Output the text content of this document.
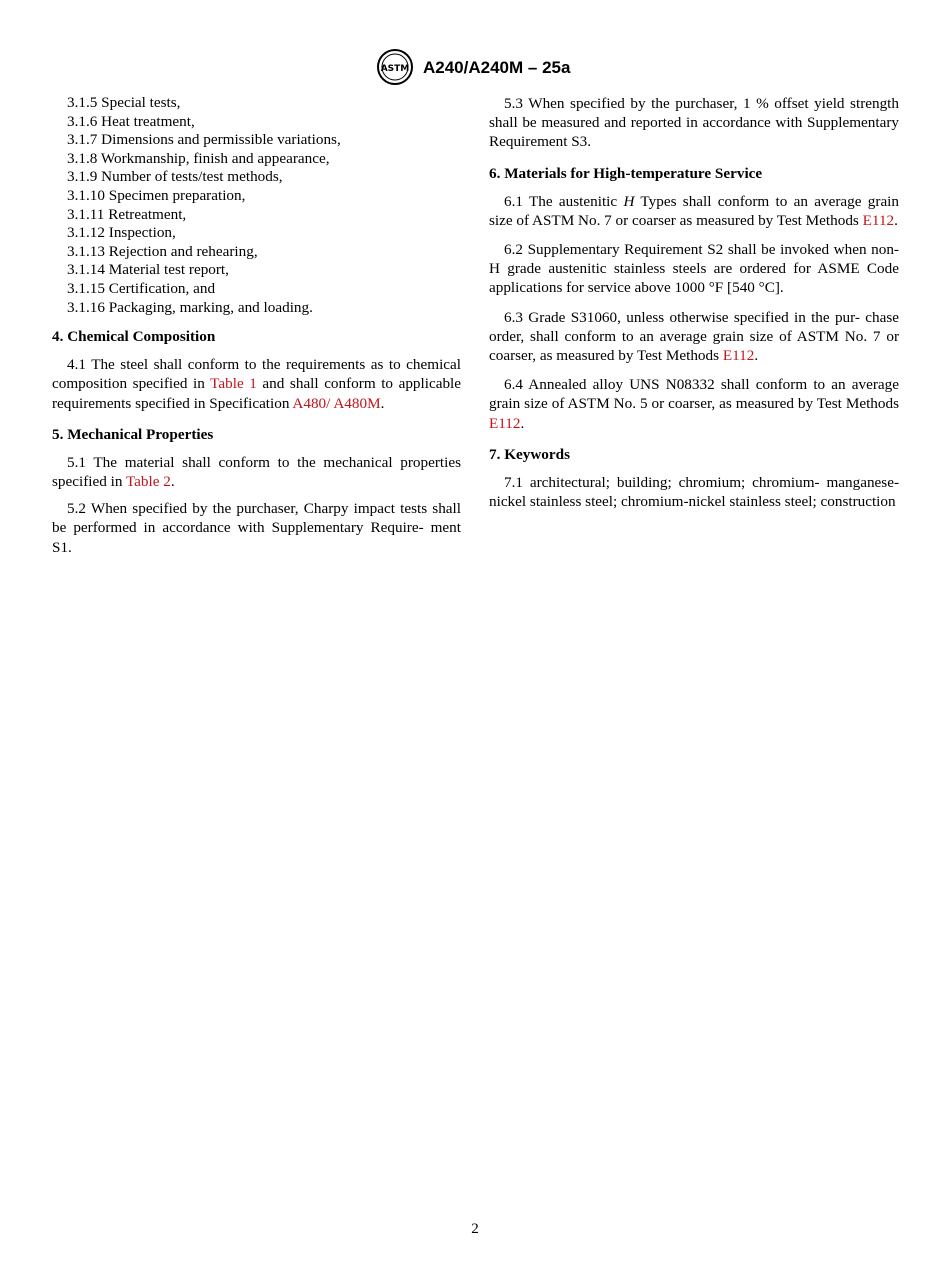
ASTM A240/A240M – 25a
3.1.5 Special tests,
3.1.6 Heat treatment,
3.1.7 Dimensions and permissible variations,
3.1.8 Workmanship, finish and appearance,
3.1.9 Number of tests/test methods,
3.1.10 Specimen preparation,
3.1.11 Retreatment,
3.1.12 Inspection,
3.1.13 Rejection and rehearing,
3.1.14 Material test report,
3.1.15 Certification, and
3.1.16 Packaging, marking, and loading.
4. Chemical Composition

4.1 The steel shall conform to the requirements as to chemical composition specified in Table 1 and shall conform to applicable requirements specified in Specification A480/ A480M.

5. Mechanical Properties

5.1 The material shall conform to the mechanical properties specified in Table 2.

5.2 When specified by the purchaser, Charpy impact tests shall be performed in accordance with Supplementary Require- ment S1.

5.3 When specified by the purchaser, 1 % offset yield strength shall be measured and reported in accordance with Supplementary Requirement S3.

6. Materials for High-temperature Service

6.1 The austenitic H Types shall conform to an average grain size of ASTM No. 7 or coarser as measured by Test Methods E112.

6.2 Supplementary Requirement S2 shall be invoked when non-H grade austenitic stainless steels are ordered for ASME Code applications for service above 1000 °F [540 °C].

6.3 Grade S31060, unless otherwise specified in the pur- chase order, shall conform to an average grain size of ASTM No. 7 or coarser, as measured by Test Methods E112.

6.4 Annealed alloy UNS N08332 shall conform to an average grain size of ASTM No. 5 or coarser, as measured by Test Methods E112.

7. Keywords

7.1 architectural; building; chromium; chromium- manganese-nickel stainless steel; chromium-nickel stainless steel; construction

2
